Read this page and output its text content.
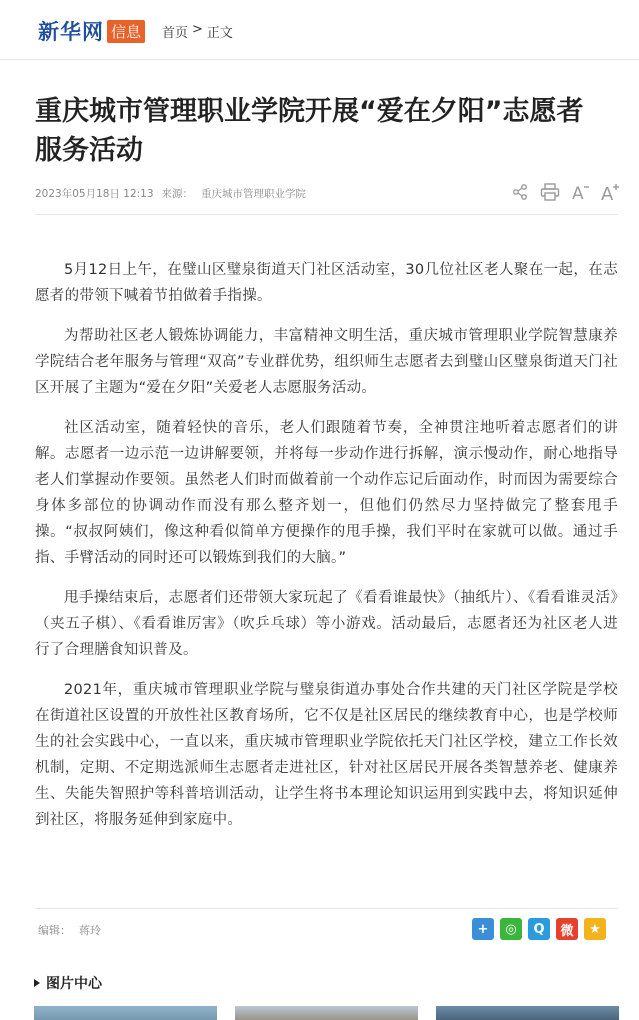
新华网 信息	首页 > 正文
重庆城市管理职业学院开展“爱在夕阳”志愿者服务活动
2023年05月18日 12:13 来源： 重庆城市管理职业学院	A A

5月12日上午，在璧山区璧泉街道天门社区活动室，30几位社区老人聚在一起，在志愿者的带领下喊着节拍做着手指操。

为帮助社区老人锻炼协调能力，丰富精神文明生活，重庆城市管理职业学院智慧康养学院结合老年服务与管理“双高”专业群优势，组织师生志愿者去到璧山区璧泉街道天门社区开展了主题为“爱在夕阳”关爱老人志愿服务活动。

社区活动室，随着轻快的音乐，老人们跟随着节奏，全神贯注地听着志愿者们的讲解。志愿者一边示范一边讲解要领，并将每一步动作进行拆解，演示慢动作，耐心地指导老人们掌握动作要领。虽然老人们时而做着前一个动作忘记后面动作，时而因为需要综合身体多部位的协调动作而没有那么整齐划一，但他们仍然尽力坚持做完了整套甩手操。“叔叔阿姨们，像这种看似简单方便操作的甩手操，我们平时在家就可以做。通过手指、手臂活动的同时还可以锻炼到我们的大脑。”

甩手操结束后，志愿者们还带领大家玩起了《看看谁最快》（抽纸片）、《看看谁灵活》（夹五子棋）、《看看谁厉害》（吹乒乓球）等小游戏。活动最后，志愿者还为社区老人进行了合理膳食知识普及。

2021年，重庆城市管理职业学院与璧泉街道办事处合作共建的天门社区学院是学校在街道社区设置的开放性社区教育场所，它不仅是社区居民的继续教育中心，也是学校师生的社会实践中心，一直以来，重庆城市管理职业学院依托天门社区学校，建立工作长效机制，定期、不定期选派师生志愿者走进社区，针对社区居民开展各类智慧养老、健康养生、失能失智照护等科普培训活动，让学生将书本理论知识运用到实践中去，将知识延伸到社区，将服务延伸到家庭中。

编辑： 蒋玲	+	◎	Q	微	★
图片中心
